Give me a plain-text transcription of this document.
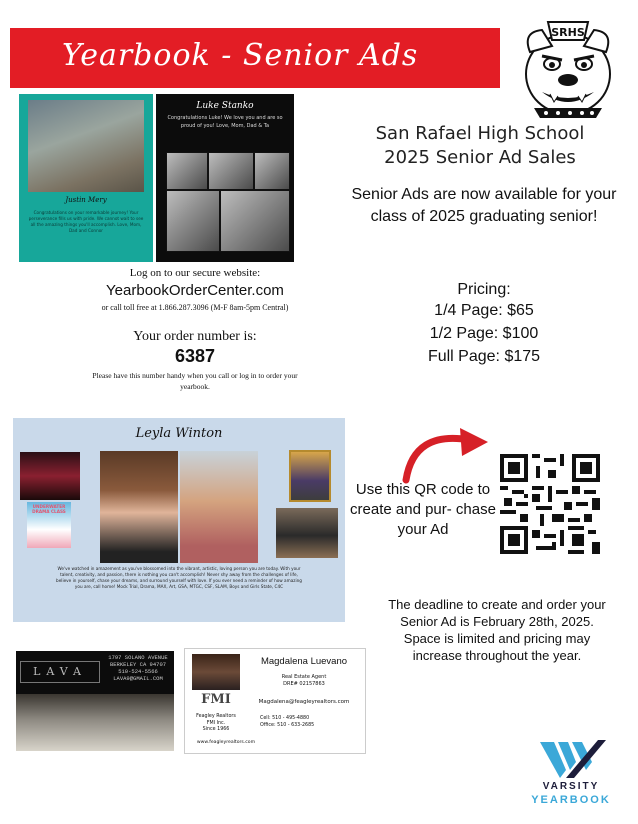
Yearbook - Senior Ads
SRHS
Justin Mery
Congratulations on your remarkable journey! Your perseverance fills us with pride. We cannot wait to see all the amazing things you'll accomplish. Love, Mom, Dad and Connor
Luke Stanko
Congratulations Luke! We love you and are so proud of you! Love, Mom, Dad & Ta
Log on to our secure website:
YearbookOrderCenter.com
or call toll free at 1.866.287.3096 (M-F 8am-5pm Central)
Your order number is:
6387
Please have this number handy when you call or log in to order your yearbook.
San Rafael High School
2025 Senior Ad Sales
Senior Ads are now available for your class of 2025 graduating senior!
Pricing:
1/4 Page: $65
1/2 Page: $100
Full Page: $175
Leyla Winton
UNDERWATER DRAMA CLASS
We've watched in amazement as you've blossomed into the vibrant, artistic, loving person you are today. With your talent, creativity, and passion, there is nothing you can't accomplish! Never shy away from the challenges of life, believe in yourself, chase your dreams, and surround yourself with love. If you ever need a reminder of how amazing you are, call home! Mock Trial, Drama, MAX, Art, GSA, MTGC, CSF, SLAM, Boys and Girls State, C4C
Use this QR code to create and pur- chase your Ad
The deadline to create and order your Senior Ad is February 28th, 2025.
Space is limited and pricing may increase throughout the year.
LAVA
1797 SOLANO AVENUE BERKELEY CA 94707 510-524-5566 LAVA9@GMAIL.COM
FMI
Magdalena Luevano
Real Estate Agent
DRE# 02157863
Magdalena@feagleyrealtors.com
Feagley Realtors
FMI Inc.
Since 1966
Cell: 510 - 495-4880
Office: 510 - 633-2685
www.feagleyrealtors.com
VARSITY
YEARBOOK
